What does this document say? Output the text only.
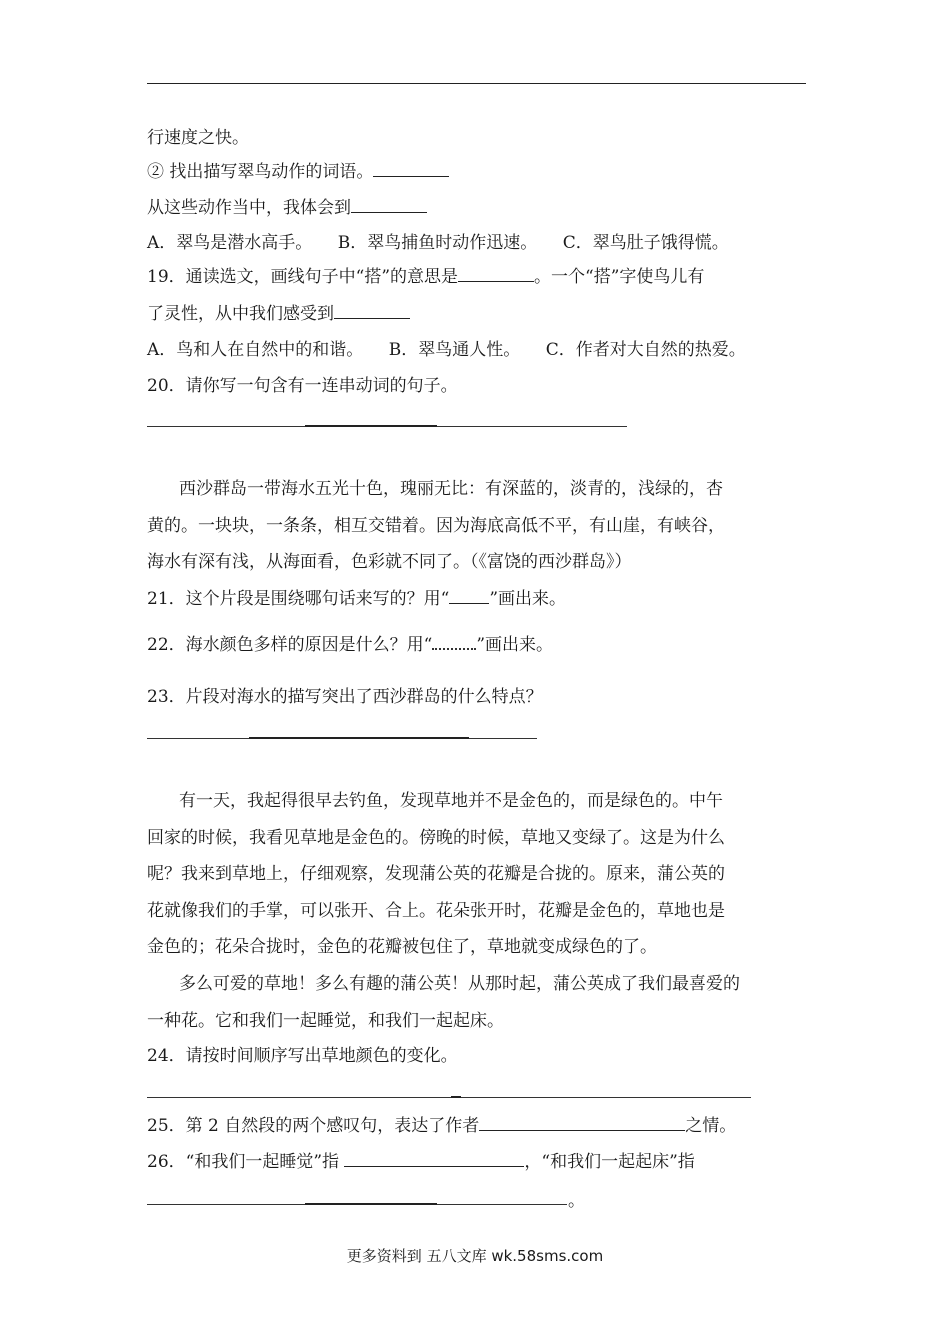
行速度之快。
② 找出描写翠鸟动作的词语。
从这些动作当中，我体会到
A．翠鸟是潜水高手。　　B．翠鸟捕鱼时动作迅速。　　C．翠鸟肚子饿得慌。
19．通读选文，画线句子中“搭”的意思是	。一个“搭”字使鸟儿有
了灵性，从中我们感受到
A．鸟和人在自然中的和谐。　　B．翠鸟通人性。　　C．作者对大自然的热爱。
20．请你写一句含有一连串动词的句子。
西沙群岛一带海水五光十色，瑰丽无比：有深蓝的，淡青的，浅绿的，杏
黄的。一块块，一条条，相互交错着。因为海底高低不平，有山崖，有峡谷，
海水有深有浅，从海面看，色彩就不同了。（《富饶的西沙群岛》）
21．这个片段是围绕哪句话来写的？用“ ”画出来。
22．海水颜色多样的原因是什么？用“	”画出来。
23．片段对海水的描写突出了西沙群岛的什么特点？
有一天，我起得很早去钓鱼，发现草地并不是金色的，而是绿色的。中午
回家的时候，我看见草地是金色的。傍晚的时候，草地又变绿了。这是为什么
呢？我来到草地上，仔细观察，发现蒲公英的花瓣是合拢的。原来，蒲公英的
花就像我们的手掌，可以张开、合上。花朵张开时，花瓣是金色的，草地也是
金色的；花朵合拢时，金色的花瓣被包住了，草地就变成绿色的了。
多么可爱的草地！多么有趣的蒲公英！从那时起，蒲公英成了我们最喜爱的
一种花。它和我们一起睡觉，和我们一起起床。
24．请按时间顺序写出草地颜色的变化。
25．第 2 自然段的两个感叹句，表达了作者	之情。
26．“和我们一起睡觉”指	，“和我们一起起床”指
。
更多资料到 五八文库 wk.58sms.com
